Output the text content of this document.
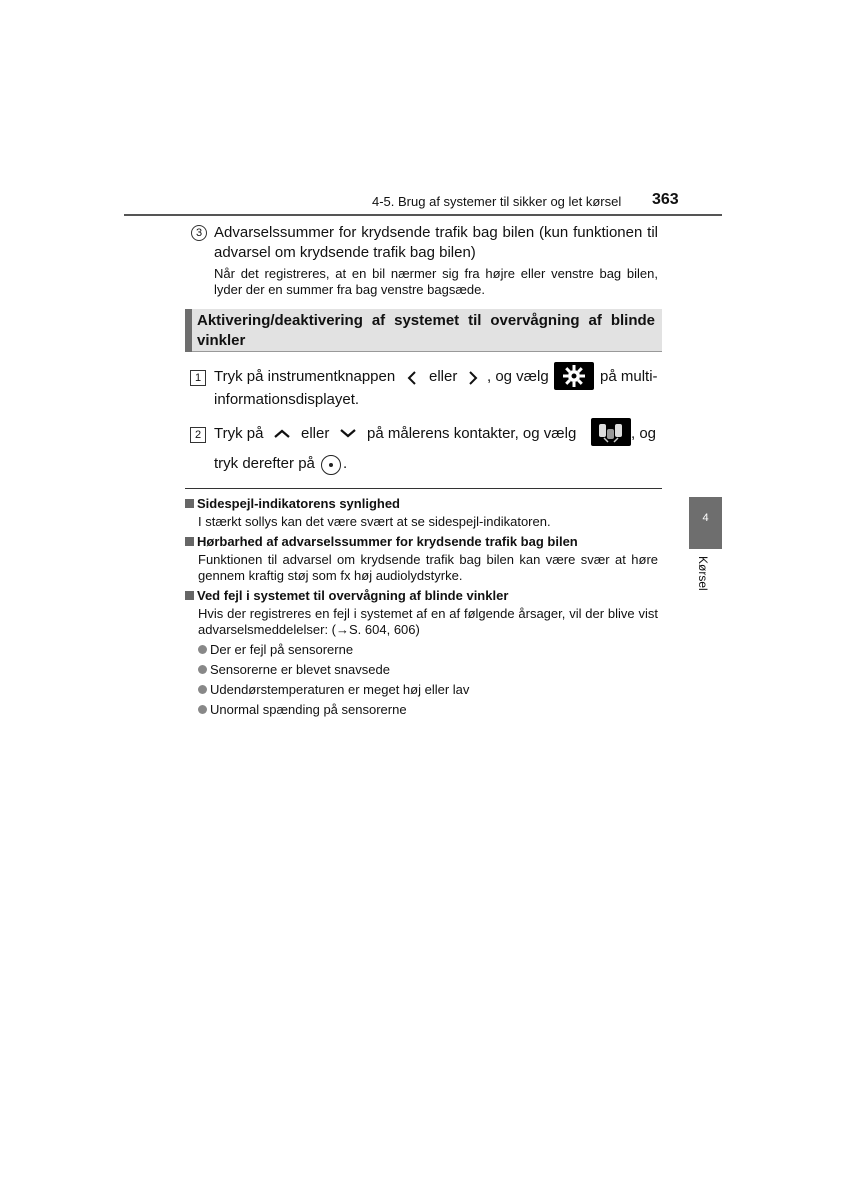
4-5. Brug af systemer til sikker og let kørsel 363
3 Advarselssummer for krydsende trafik bag bilen (kun funktionen til advarsel om krydsende trafik bag bilen)
Når det registreres, at en bil nærmer sig fra højre eller venstre bag bilen, lyder der en summer fra bag venstre bagsæde.
Aktivering/deaktivering af systemet til overvågning af blinde vinkler
1 Tryk på instrumentknappen eller , og vælg	på multi-
informationsdisplayet.
2 Tryk på	eller	på målerens kontakter, og vælg	, og
tryk derefter på .
Sidespejl-indikatorens synlighed
I stærkt sollys kan det være svært at se sidespejl-indikatoren.
Hørbarhed af advarselssummer for krydsende trafik bag bilen
Funktionen til advarsel om krydsende trafik bag bilen kan være svær at høre gennem kraftig støj som fx høj audiolydstyrke.
Ved fejl i systemet til overvågning af blinde vinkler
Hvis der registreres en fejl i systemet af en af følgende årsager, vil der blive vist advarselsmeddelelser: (→S. 604, 606)
Der er fejl på sensorerne
Sensorerne er blevet snavsede
Udendørstemperaturen er meget høj eller lav
Unormal spænding på sensorerne
4
Kørsel
